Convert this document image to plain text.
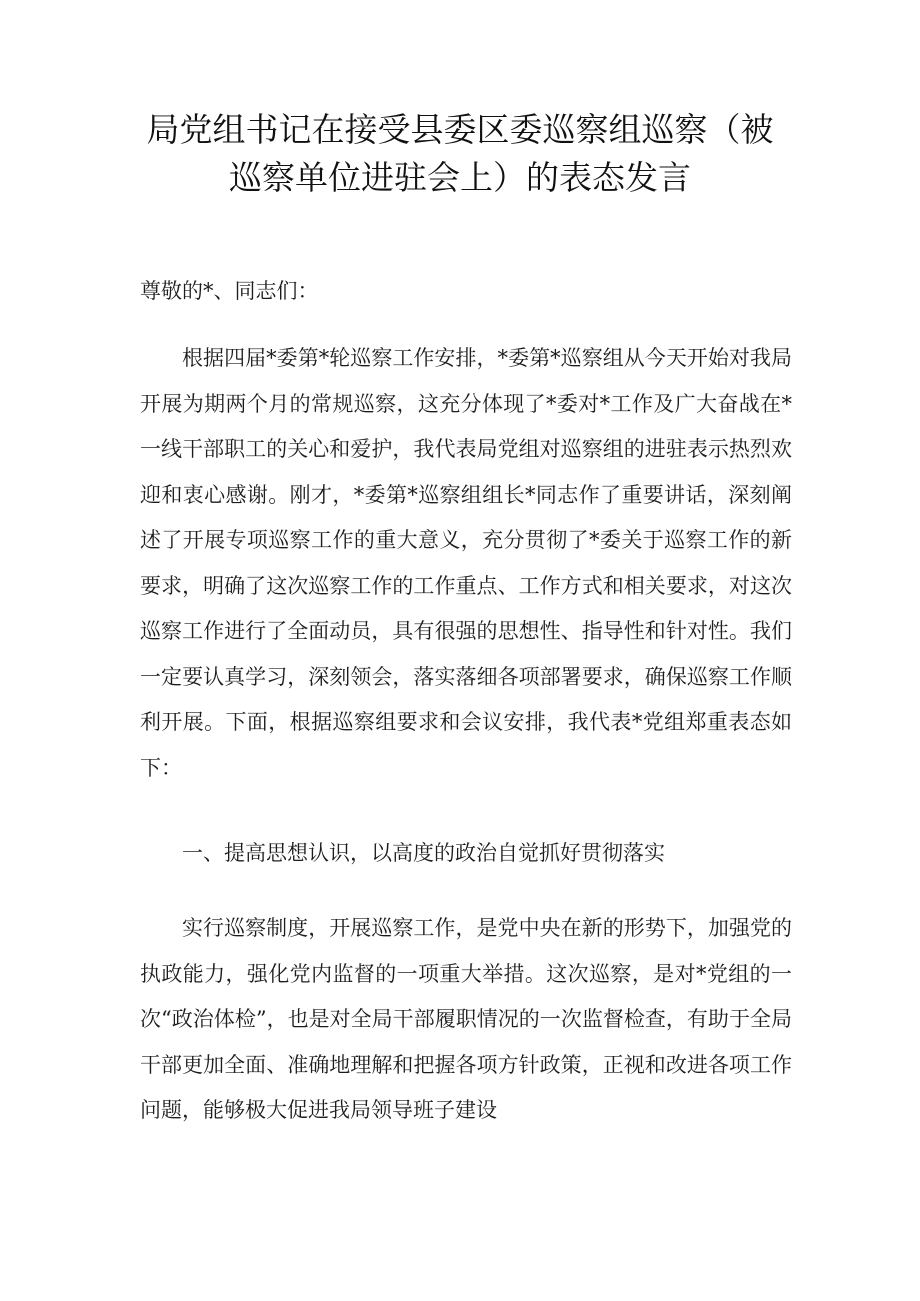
局党组书记在接受县委区委巡察组巡察（被
巡察单位进驻会上）的表态发言
尊敬的*、同志们：

根据四届*委第*轮巡察工作安排，*委第*巡察组从今天开始对我局开展为期两个月的常规巡察，这充分体现了*委对*工作及广大奋战在*一线干部职工的关心和爱护，我代表局党组对巡察组的进驻表示热烈欢迎和衷心感谢。刚才，*委第*巡察组组长*同志作了重要讲话，深刻阐述了开展专项巡察工作的重大意义，充分贯彻了*委关于巡察工作的新要求，明确了这次巡察工作的工作重点、工作方式和相关要求，对这次巡察工作进行了全面动员，具有很强的思想性、指导性和针对性。我们一定要认真学习，深刻领会，落实落细各项部署要求，确保巡察工作顺利开展。下面，根据巡察组要求和会议安排，我代表*党组郑重表态如下：

一、提高思想认识，以高度的政治自觉抓好贯彻落实

实行巡察制度，开展巡察工作，是党中央在新的形势下，加强党的执政能力，强化党内监督的一项重大举措。这次巡察，是对*党组的一次“政治体检”，也是对全局干部履职情况的一次监督检查，有助于全局干部更加全面、准确地理解和把握各项方针政策，正视和改进各项工作问题，能够极大促进我局领导班子建设
